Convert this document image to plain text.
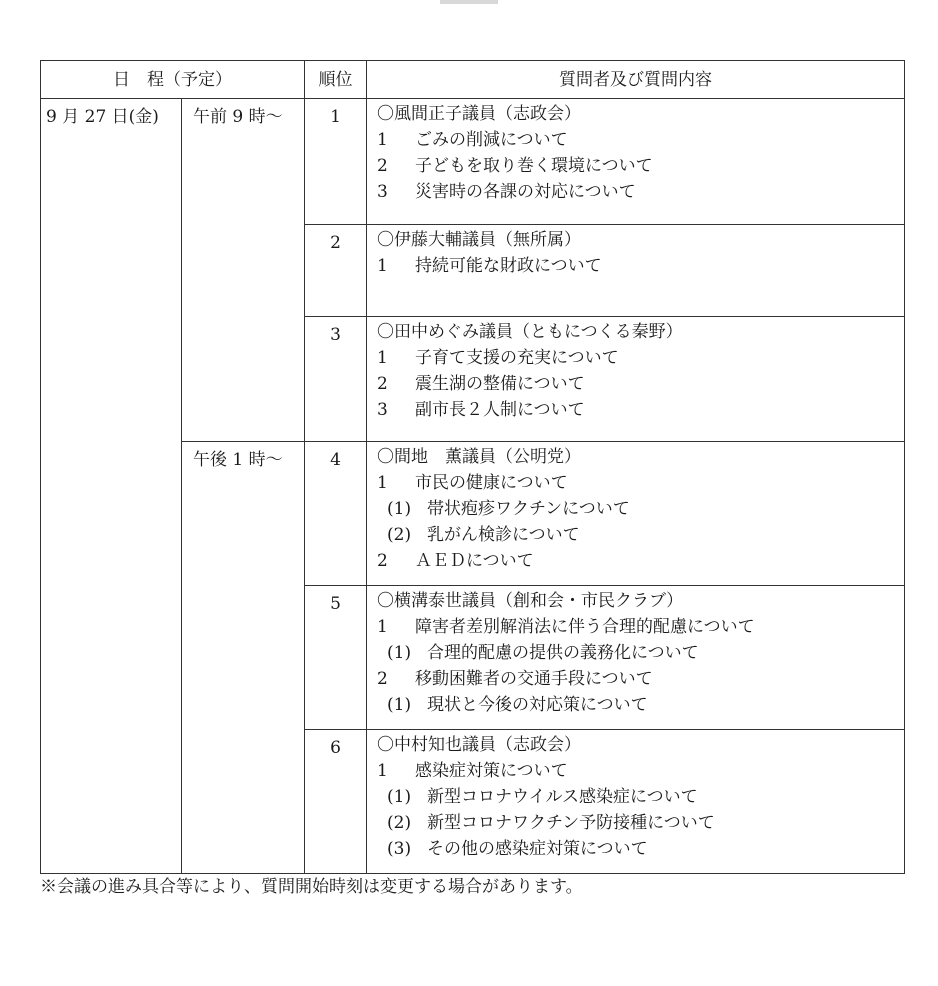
日　程（予定）		順位	質問者及び質問内容
9 月 27 日(金)	午前 9 時～	1	〇風間正子議員（志政会）
1 ごみの削減について
2 子どもを取り巻く環境について
3 災害時の各課の対応について

		2	〇伊藤大輔議員（無所属）
1 持続可能な財政について

		3	〇田中めぐみ議員（ともにつくる秦野）
1 子育て支援の充実について
2 震生湖の整備について
3 副市長２人制について

	午後 1 時～	4	〇間地　薫議員（公明党）
1 市民の健康について
(1) 帯状疱疹ワクチンについて
(2) 乳がん検診について
2 ＡＥＤについて

		5	〇横溝泰世議員（創和会・市民クラブ）
1 障害者差別解消法に伴う合理的配慮について
(1) 合理的配慮の提供の義務化について
2 移動困難者の交通手段について
(1) 現状と今後の対応策について

		6	〇中村知也議員（志政会）
1 感染症対策について
(1) 新型コロナウイルス感染症について
(2) 新型コロナワクチン予防接種について
(3) その他の感染症対策について
※会議の進み具合等により、質問開始時刻は変更する場合があります。
